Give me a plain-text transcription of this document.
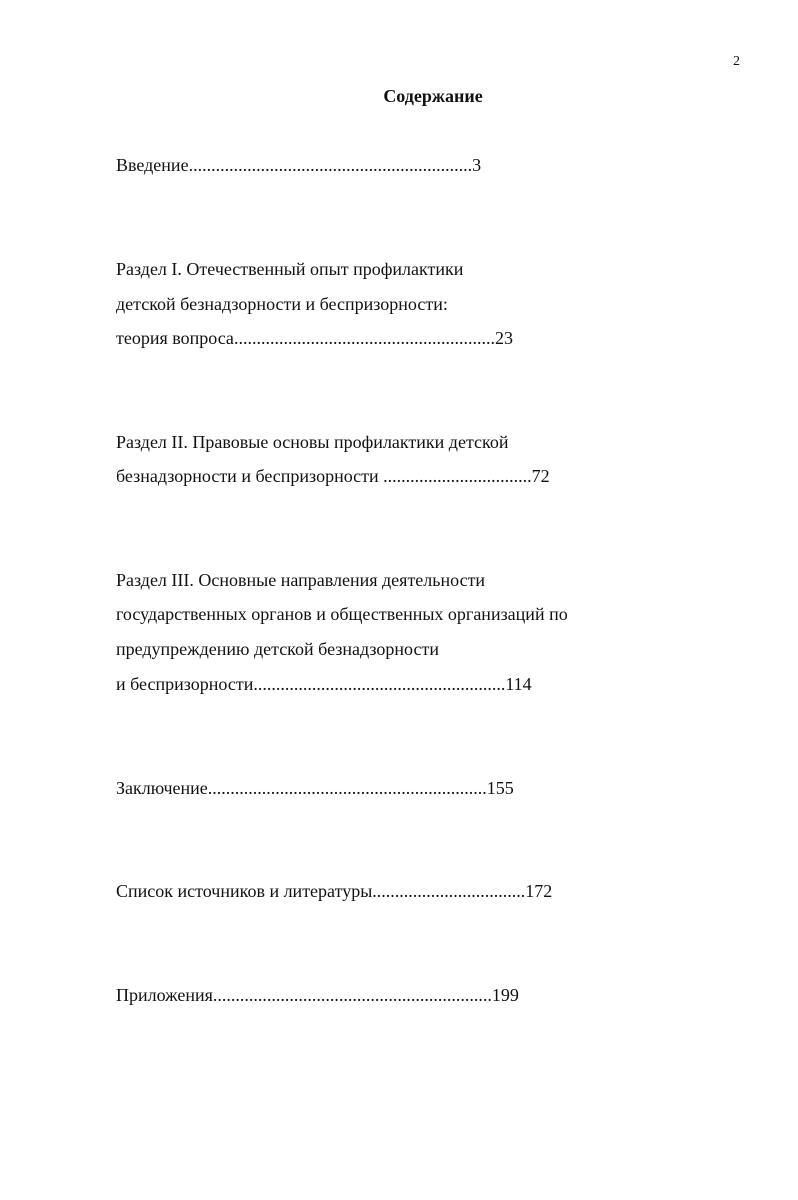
2
Содержание
Введение...............................................................3
Раздел I. Отечественный опыт профилактики
детской безнадзорности и беспризорности:
теория вопроса..........................................................23
Раздел II. Правовые основы профилактики детской
безнадзорности и беспризорности .................................72
Раздел III. Основные направления деятельности
государственных органов и общественных организаций по
предупреждению детской безнадзорности
и беспризорности........................................................114
Заключение..............................................................155
Список источников и литературы..................................172
Приложения..............................................................199
